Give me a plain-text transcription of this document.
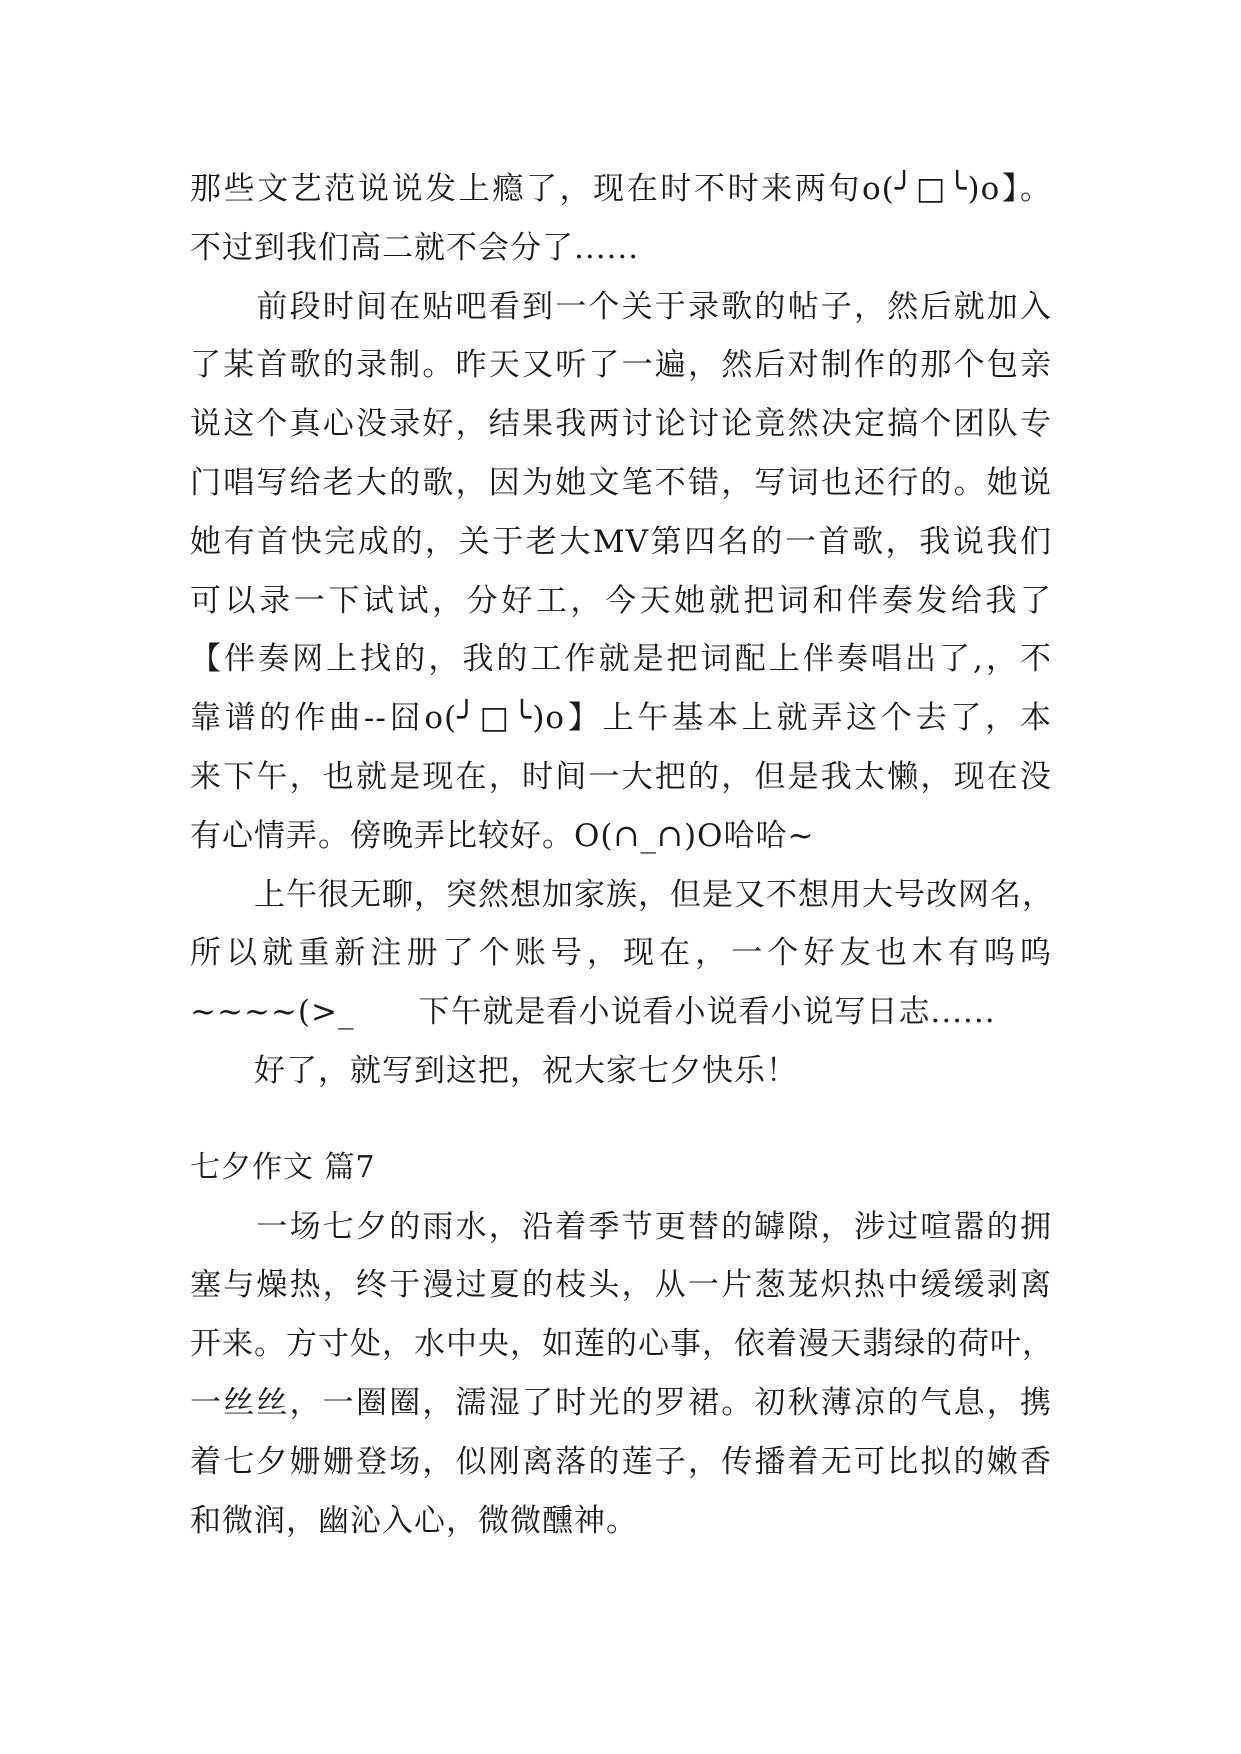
那些文艺范说说发上瘾了，现在时不时来两句o(╯□╰)o】。
不过到我们高二就不会分了......
　　前段时间在贴吧看到一个关于录歌的帖子，然后就加入
了某首歌的录制。昨天又听了一遍，然后对制作的那个包亲
说这个真心没录好，结果我两讨论讨论竟然决定搞个团队专
门唱写给老大的歌，因为她文笔不错，写词也还行的。她说
她有首快完成的，关于老大MV第四名的一首歌，我说我们
可以录一下试试，分好工，今天她就把词和伴奏发给我了
【伴奏网上找的，我的工作就是把词配上伴奏唱出了,，不
靠谱的作曲--囧o(╯□╰)o】上午基本上就弄这个去了，本
来下午，也就是现在，时间一大把的，但是我太懒，现在没
有心情弄。傍晚弄比较好。O(∩_∩)O哈哈~
　　上午很无聊，突然想加家族，但是又不想用大号改网名，
所以就重新注册了个账号，现在，一个好友也木有呜呜
~~~~(>_　　下午就是看小说看小说看小说写日志......
　　好了，就写到这把，祝大家七夕快乐！
七夕作文 篇7
　　一场七夕的雨水，沿着季节更替的罅隙，涉过喧嚣的拥
塞与燥热，终于漫过夏的枝头，从一片葱茏炽热中缓缓剥离
开来。方寸处，水中央，如莲的心事，依着漫天翡绿的荷叶，
一丝丝，一圈圈，濡湿了时光的罗裙。初秋薄凉的气息，携
着七夕姗姗登场，似刚离落的莲子，传播着无可比拟的嫩香
和微润，幽沁入心，微微醺神。
